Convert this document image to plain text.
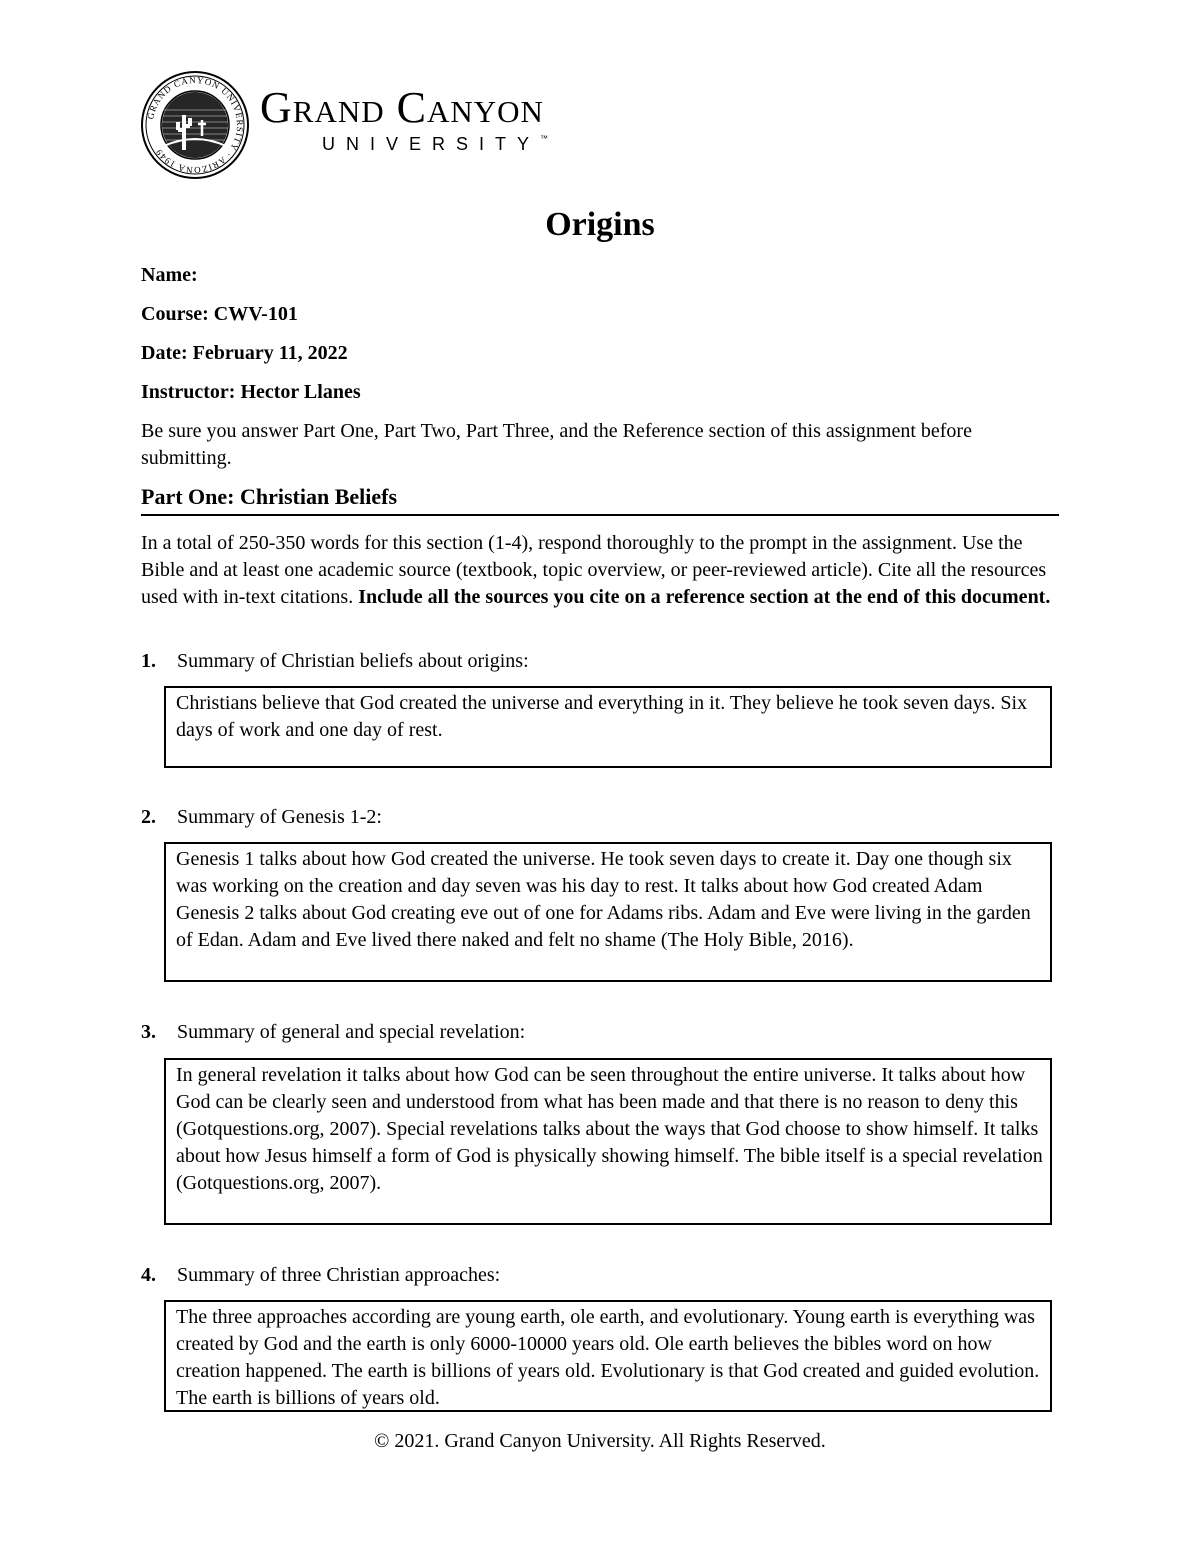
GRAND CANYON UNIVERSITY · ARIZONA 1949
Grand Canyon
UNIVERSITY™
Origins
Name:
Course: CWV-101
Date: February 11, 2022
Instructor: Hector Llanes
Be sure you answer Part One, Part Two, Part Three, and the Reference section of this assignment before submitting.
Part One: Christian Beliefs
In a total of 250-350 words for this section (1-4), respond thoroughly to the prompt in the assignment. Use the Bible and at least one academic source (textbook, topic overview, or peer-reviewed article). Cite all the resources used with in-text citations. Include all the sources you cite on a reference section at the end of this document.
1. Summary of Christian beliefs about origins:
Christians believe that God created the universe and everything in it. They believe he took seven days. Six days of work and one day of rest.
2. Summary of Genesis 1-2:
Genesis 1 talks about how God created the universe. He took seven days to create it. Day one though six was working on the creation and day seven was his day to rest. It talks about how God created Adam Genesis 2 talks about God creating eve out of one for Adams ribs. Adam and Eve were living in the garden of Edan. Adam and Eve lived there naked and felt no shame (The Holy Bible, 2016).
3. Summary of general and special revelation:
In general revelation it talks about how God can be seen throughout the entire universe. It talks about how God can be clearly seen and understood from what has been made and that there is no reason to deny this (Gotquestions.org, 2007). Special revelations talks about the ways that God choose to show himself. It talks about how Jesus himself a form of God is physically showing himself. The bible itself is a special revelation (Gotquestions.org, 2007).
4. Summary of three Christian approaches:
The three approaches according are young earth, ole earth, and evolutionary. Young earth is everything was created by God and the earth is only 6000-10000 years old. Ole earth believes the bibles word on how creation happened. The earth is billions of years old. Evolutionary is that God created and guided evolution. The earth is billions of years old.
© 2021. Grand Canyon University. All Rights Reserved.
